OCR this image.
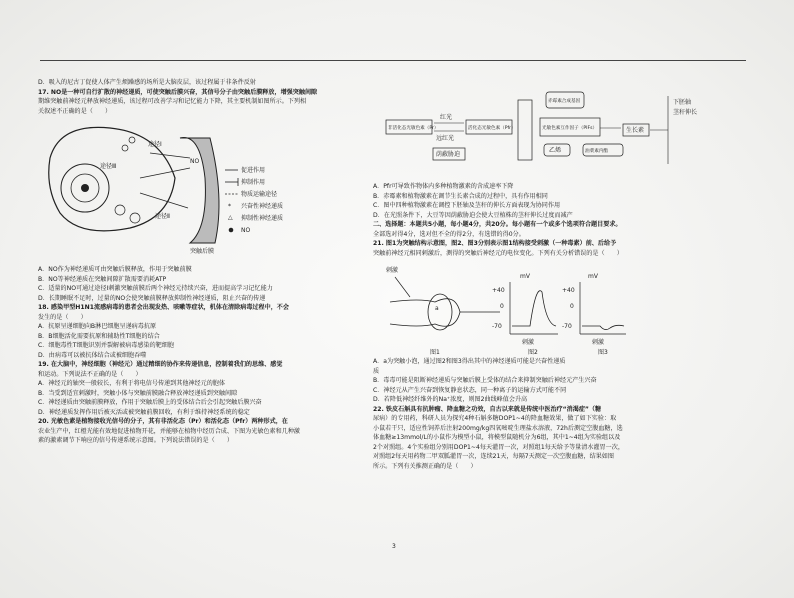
D．吸入的尼古丁促使人体产生烦躁感的场所是大脑皮层，该过程属于非条件反射

17. NO是一种可自行扩散的神经递质，可使突触后膜兴奋，其信号分子由突触后膜释放，增强突触间隙

期维突触前神经元释放神经递质，该过程可改善学习和记忆能力下降，其主要机制如图所示。下列相

关叙述不正确的是（　　）

途径Ⅰ
途径Ⅲ
途径Ⅱ
NO
突触后膜
促进作用
抑制作用
物质运输途径
* 兴奋性神经递质
△ 抑制性神经递质
NO

A．NO作为神经递质可由突触后膜释放，作用于突触前膜

B．NO等神经递质在突触间隙扩散需要消耗ATP

C．适量的NO可通过途径Ⅰ刺激突触前膜后两个神经元持续兴奋，进而提高学习记忆能力

D．长期睡眠不足时，过量的NO会使突触前膜释放抑制性神经递质，阻止兴奋的传递

18. 感染甲型H1N1流感病毒的患者会出现发热、咳嗽等症状，机体在清除病毒过程中，不会

发生的是（　　）

A．抗原呈递细胞向B淋巴细胞呈递病毒抗原

B．B细胞活化需要抗原和辅助性T细胞的结合

C．细胞毒性T细胞识别并裂解被病毒感染的靶细胞

D．由病毒可以被抗体结合或被细胞吞噬

19. 在大脑中，神经细胞（神经元）通过精细的协作来传递信息，控制着我们的思维、感觉

和运动。下列说法不正确的是（　　）

A．神经元的轴突一般较长，有利于将电信号传递到其他神经元的胞体

B．当受到适宜刺激时，突触小体与突触前膜融合释放神经递质到突触间隙

C．神经递质由突触前膜释放，作用于突触后膜上的受体结合后会引起突触后膜兴奋

D．神经递质发挥作用后被灭活或被突触前膜回收，有利于维持神经系统的稳定

20. 光敏色素是植物接收光信号的分子，其有非活化态（Pr）和活化态（Pfr）两种形式，在

农业生产中，红橙光能有效地促进植物开花，并能够在植物中经历合成、下图为光敏色素和几种激

素的激素调节下响应的信号传递系统示意图。下列说法错误的是（　　）

非活化态光敏色素（Pr）	活化态光敏色素（Pfr）
红光
远红光
荫蔽胁迫
赤霉素合成基因
光敏色素互作因子（PIFs）
乙烯	油菜素内酯
生长素
下胚轴
茎秆伸长

A．Pfr可导致作物体内多种植物激素的含成速率下降

B．赤霉素和植物激素在调节生长素合成的过程中，具有作用相同

C．图中四种植物激素在调控下胚轴及茎秆的伸长方面表现为协同作用

D．在光照条件下，大豆等因荫蔽胁迫会使大豆植株的茎秆伸长过度而减产

二、选择题：本题共5小题，每小题4分，共20分。每小题有一个或多个选项符合题目要求。

全部选对得4分，选对但不全的得2分，有选错的得0分。

21. 图1为突触结构示意图，图2、图3分别表示图1结构接受刺激（一种毒素）前、后给予

突触前神经元相同刺激后，测得的突触后神经元的电位变化。下列有关分析错误的是（　　）

刺激
a
图1
mV
+40
0
-70
刺激
图2
mV
+40
0
-70
刺激
图3

A．a为突触小泡，通过图2和图3得出其中的神经递质可能是兴奋性递质

质

B．毒毒可能是阻断神经递质与突触后膜上受体的结合来抑制突触后神经元产生兴奋

C．神经元从产生兴奋到恢复静息状态，同一种离子的运输方式可能不同

D．若降低神经纤维外的Na⁺浓度，则图2曲线峰值会升高

22. 铁皮石斛具有抗肿瘤、降血糖之功效，自古以来就是传统中医治疗“消渴症”（糖

尿病）的专用药，科研人员为探究4种石斛多糖DOP1~4的降血糖效果，做了如下实验：取

小鼠若干只，适应性饲养后注射200mg/kg四氧嘧啶生理盐水溶液，72h后测定空腹血糖，选

体血糖≥13mmol/L的小鼠作为模型小鼠，将模型鼠随机分为6组，其中1~4组为实验组以及

2个对照组。4个实验组分别用DOP1~4每天灌胃一次，对照组1每天给予等量清水灌胃一次，

对照组2每天用药物二甲双胍灌胃一次，连续21天，每隔7天测定一次空腹血糖，结果如图

所示。下列有关推测正确的是（　　）

3
